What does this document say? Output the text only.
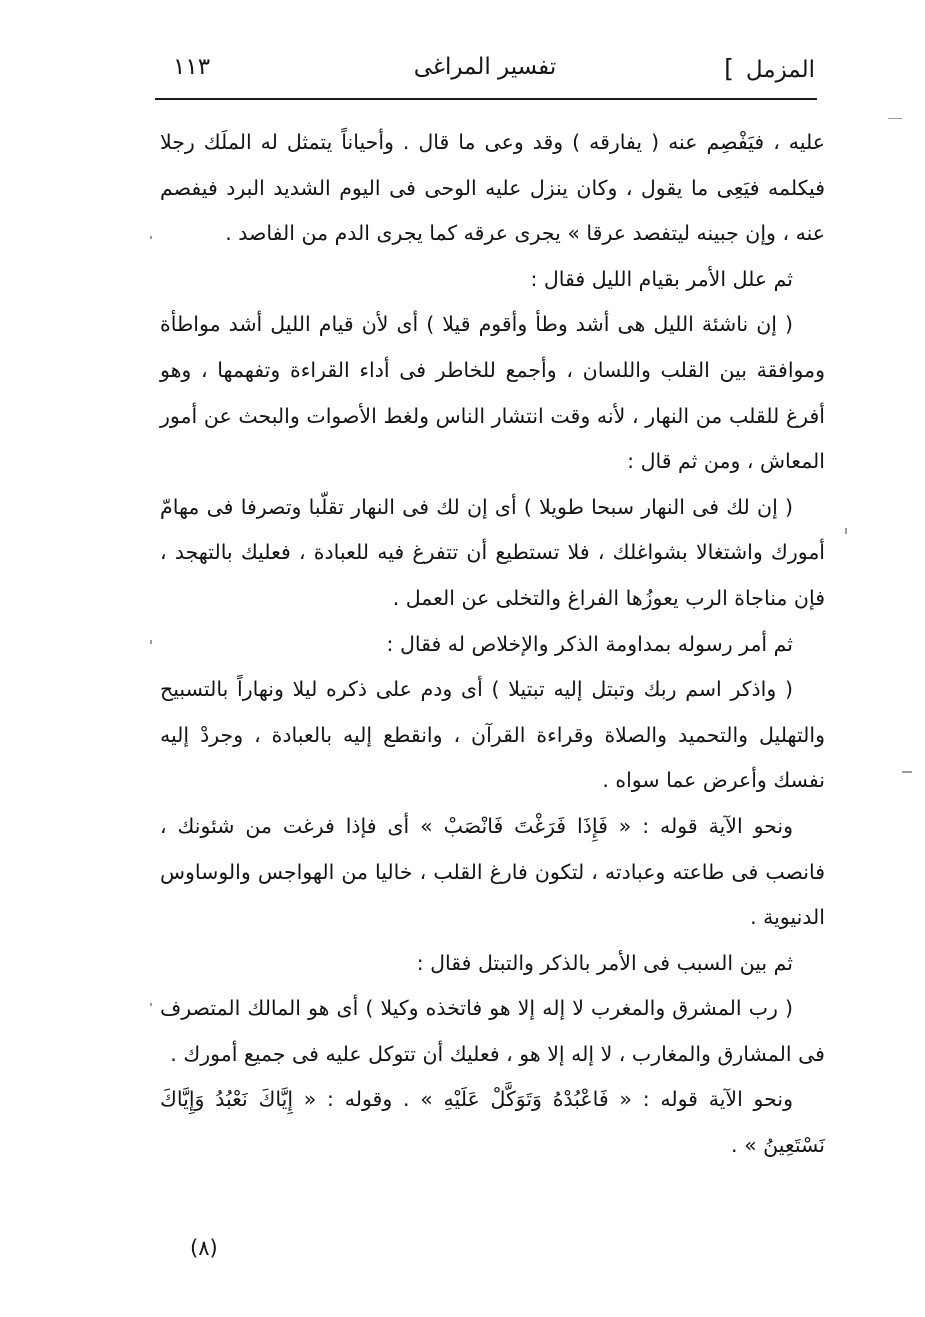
المزمل]
تفسير المراغى
١١٣

عليه ، فيَفْصِم عنه ( يفارقه ) وقد وعى ما قال . وأحياناً يتمثل له الملَك رجلا فيكلمه فيَعِى ما يقول ، وكان ينزل عليه الوحى فى اليوم الشديد البرد فيفصم عنه ، وإن جبينه ليتفصد عرقا » يجرى عرقه كما يجرى الدم من الفاصد .

ثم علل الأمر بقيام الليل فقال :

( إن ناشئة الليل هى أشد وطأ وأقوم قيلا ) أى لأن قيام الليل أشد مواطأة وموافقة بين القلب واللسان ، وأجمع للخاطر فى أداء القراءة وتفهمها ، وهو أفرغ للقلب من النهار ، لأنه وقت انتشار الناس ولغط الأصوات والبحث عن أمور المعاش ، ومن ثم قال :

( إن لك فى النهار سبحا طويلا ) أى إن لك فى النهار تقلّبا وتصرفا فى مهامّ أمورك واشتغالا بشواغلك ، فلا تستطيع أن تتفرغ فيه للعبادة ، فعليك بالتهجد ، فإن مناجاة الرب يعوزُها الفراغ والتخلى عن العمل .

ثم أمر رسوله بمداومة الذكر والإخلاص له فقال :

( واذكر اسم ربك وتبتل إليه تبتيلا ) أى ودم على ذكره ليلا ونهاراً بالتسبيح والتهليل والتحميد والصلاة وقراءة القرآن ، وانقطع إليه بالعبادة ، وجردْ إليه نفسك وأعرض عما سواه .

ونحو الآية قوله : « فَإِذَا فَرَغْتَ فَانْصَبْ » أى فإذا فرغت من شئونك ، فانصب فى طاعته وعبادته ، لتكون فارغ القلب ، خاليا من الهواجس والوساوس الدنيوية .

ثم بين السبب فى الأمر بالذكر والتبتل فقال :

( رب المشرق والمغرب لا إله إلا هو فاتخذه وكيلا ) أى هو المالك المتصرف فى المشارق والمغارب ، لا إله إلا هو ، فعليك أن تتوكل عليه فى جميع أمورك .

ونحو الآية قوله : « فَاعْبُدْهُ وَتَوَكَّلْ عَلَيْهِ » . وقوله : « إِيَّاكَ نَعْبُدُ وَإِيَّاكَ نَسْتَعِينُ » .

(٨)
